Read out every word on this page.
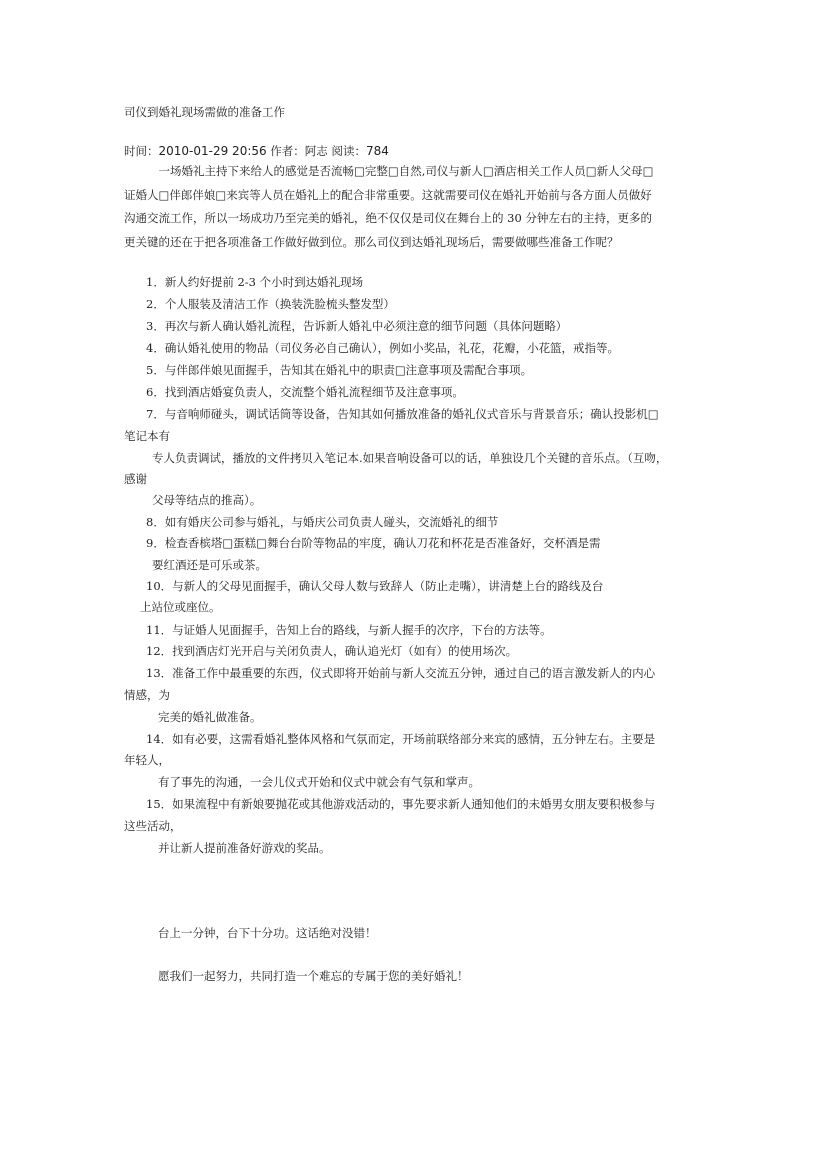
司仪到婚礼现场需做的准备工作
时间：2010-01-29 20:56 作者：阿志 阅读：784
　　　一场婚礼主持下来给人的感觉是否流畅□完整□自然,司仪与新人□酒店相关工作人员□新人父母□
证婚人□伴郎伴娘□来宾等人员在婚礼上的配合非常重要。这就需要司仪在婚礼开始前与各方面人员做好
沟通交流工作，所以一场成功乃至完美的婚礼，绝不仅仅是司仪在舞台上的 30 分钟左右的主持，更多的
更关键的还在于把各项准备工作做好做到位。那么司仪到达婚礼现场后，需要做哪些准备工作呢？
1．新人约好提前 2-3 个小时到达婚礼现场
2．个人服装及清洁工作（换装洗脸梳头整发型）
3．再次与新人确认婚礼流程，告诉新人婚礼中必须注意的细节问题（具体问题略）
4．确认婚礼使用的物品（司仪务必自己确认），例如小奖品，礼花，花瓣，小花篮，戒指等。
5．与伴郎伴娘见面握手，告知其在婚礼中的职责□注意事项及需配合事项。
6．找到酒店婚宴负责人，交流整个婚礼流程细节及注意事项。
7．与音响师碰头，调试话筒等设备，告知其如何播放准备的婚礼仪式音乐与背景音乐；确认投影机□
笔记本有
专人负责调试，播放的文件拷贝入笔记本.如果音响设备可以的话，单独设几个关键的音乐点。（互吻，
感谢
父母等结点的推高）。
8．如有婚庆公司参与婚礼，与婚庆公司负责人碰头，交流婚礼的细节
9．检查香槟塔□蛋糕□舞台台阶等物品的牢度，确认刀花和杯花是否准备好，交杯酒是需
要红酒还是可乐或茶。
10．与新人的父母见面握手，确认父母人数与致辞人（防止走嘴），讲清楚上台的路线及台
上站位或座位。
11．与证婚人见面握手，告知上台的路线，与新人握手的次序，下台的方法等。
12．找到酒店灯光开启与关闭负责人，确认追光灯（如有）的使用场次。
13．准备工作中最重要的东西，仪式即将开始前与新人交流五分钟，通过自己的语言激发新人的内心
情感，为
完美的婚礼做准备。
14．如有必要，这需看婚礼整体风格和气氛而定，开场前联络部分来宾的感情，五分钟左右。主要是
年轻人，
有了事先的沟通，一会儿仪式开始和仪式中就会有气氛和掌声。
15．如果流程中有新娘要抛花或其他游戏活动的，事先要求新人通知他们的未婚男女朋友要积极参与
这些活动，
并让新人提前准备好游戏的奖品。
台上一分钟，台下十分功。这话绝对没错！
愿我们一起努力，共同打造一个难忘的专属于您的美好婚礼！
